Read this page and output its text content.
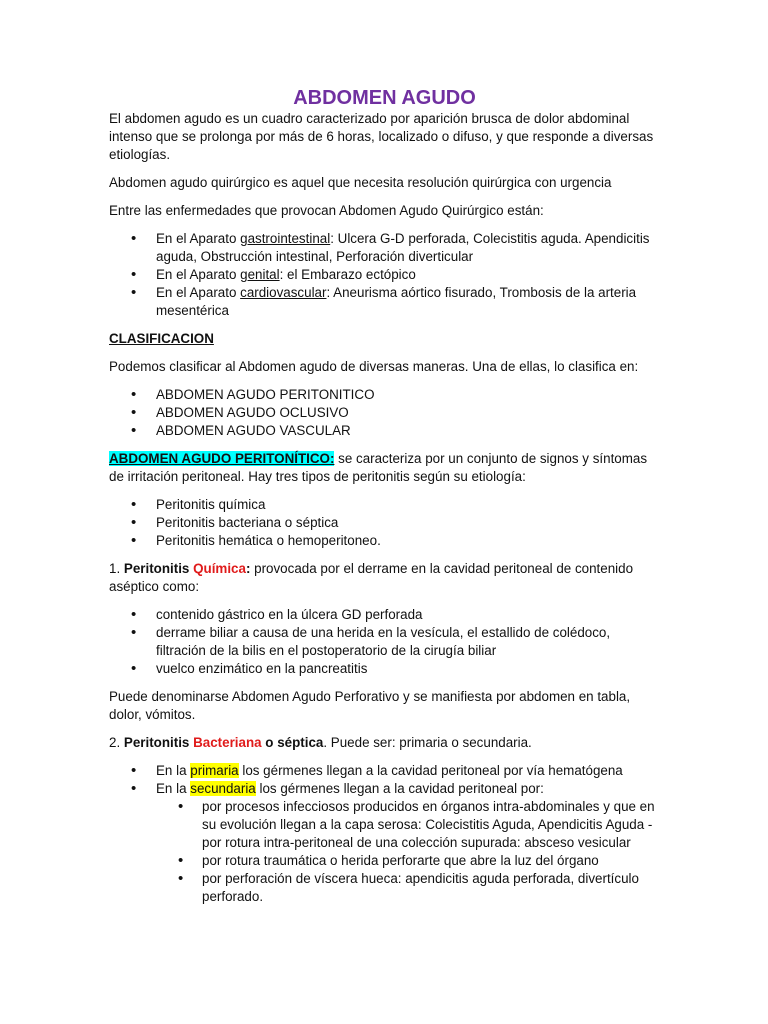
ABDOMEN AGUDO

El abdomen agudo es un cuadro caracterizado por aparición brusca de dolor abdominal intenso que se prolonga por más de 6 horas, localizado o difuso, y que responde a diversas etiologías.

Abdomen agudo quirúrgico es aquel que necesita resolución quirúrgica con urgencia

Entre las enfermedades que provocan Abdomen Agudo Quirúrgico están:

• En el Aparato gastrointestinal: Ulcera G-D perforada, Colecistitis aguda. Apendicitis aguda, Obstrucción intestinal, Perforación diverticular
• En el Aparato genital: el Embarazo ectópico
• En el Aparato cardiovascular: Aneurisma aórtico fisurado, Trombosis de la arteria mesentérica

CLASIFICACION

Podemos clasificar al Abdomen agudo de diversas maneras. Una de ellas, lo clasifica en:

• ABDOMEN AGUDO PERITONITICO
• ABDOMEN AGUDO OCLUSIVO
• ABDOMEN AGUDO VASCULAR

ABDOMEN AGUDO PERITONÍTICO: se caracteriza por un conjunto de signos y síntomas de irritación peritoneal. Hay tres tipos de peritonitis según su etiología:

• Peritonitis química
• Peritonitis bacteriana o séptica
• Peritonitis hemática o hemoperitoneo.

1. Peritonitis Química: provocada por el derrame en la cavidad peritoneal de contenido aséptico como:

• contenido gástrico en la úlcera GD perforada
• derrame biliar a causa de una herida en la vesícula, el estallido de colédoco, filtración de la bilis en el postoperatorio de la cirugía biliar
• vuelco enzimático en la pancreatitis

Puede denominarse Abdomen Agudo Perforativo y se manifiesta por abdomen en tabla, dolor, vómitos.

2. Peritonitis Bacteriana o séptica. Puede ser: primaria o secundaria.

• En la primaria los gérmenes llegan a la cavidad peritoneal por vía hematógena
• En la secundaria los gérmenes llegan a la cavidad peritoneal por:
• por procesos infecciosos producidos en órganos intra-abdominales y que en su evolución llegan a la capa serosa: Colecistitis Aguda, Apendicitis Aguda - por rotura intra-peritoneal de una colección supurada: absceso vesicular
• por rotura traumática o herida perforarte que abre la luz del órgano
• por perforación de víscera hueca: apendicitis aguda perforada, divertículo perforado.
